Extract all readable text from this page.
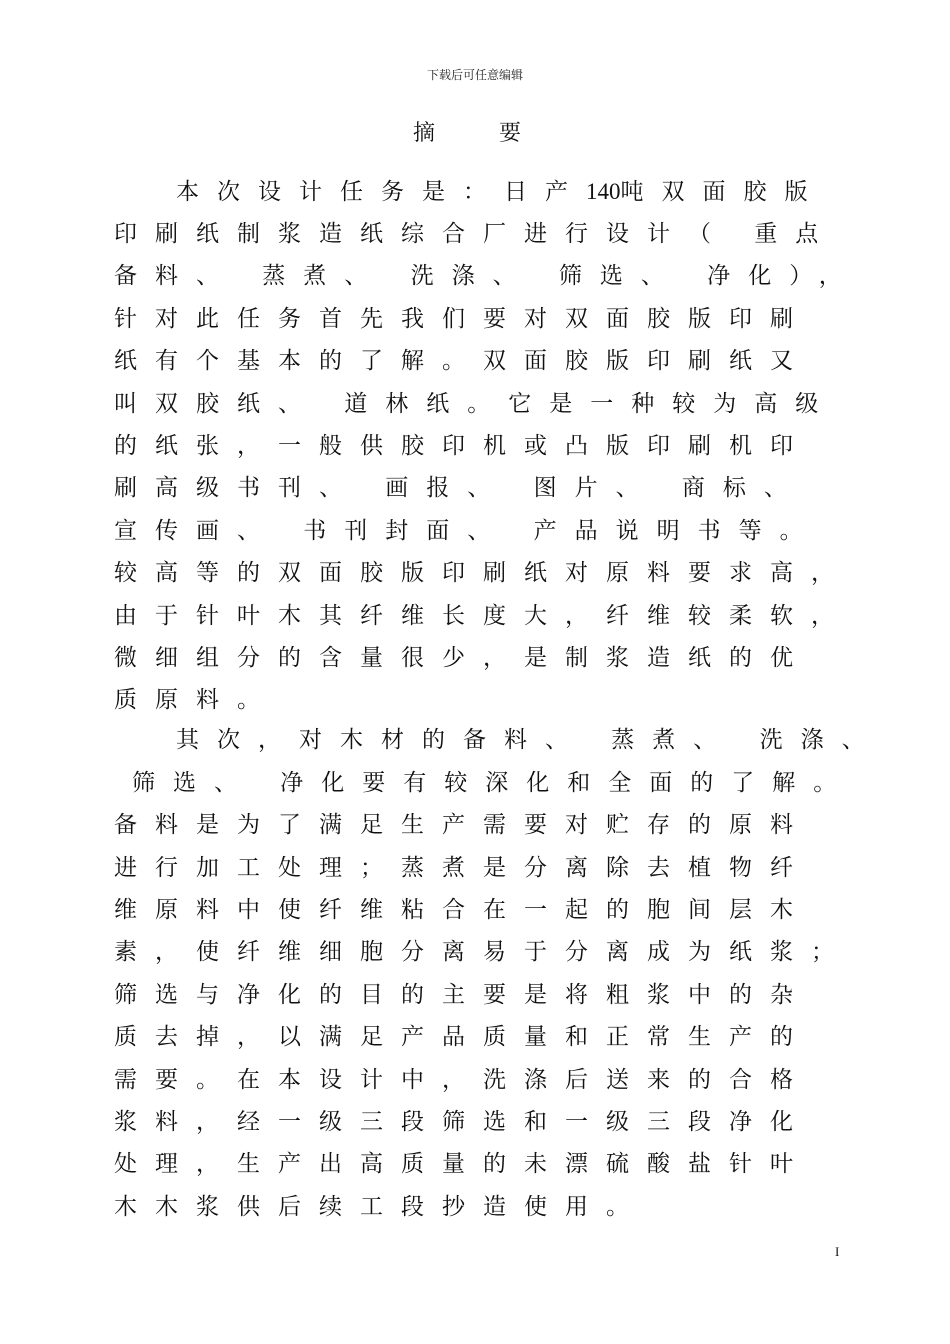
下载后可任意编辑
摘要
本次设计任务是：日产140吨双面胶版
印刷纸制浆造纸综合厂进行设计（ 重点
备料、 蒸煮、 洗涤、 筛选、 净化），
针对此任务首先我们要对双面胶版印刷
纸有个基本的了解。双面胶版印刷纸又
叫双胶纸、 道林纸。它是一种较为高级
的纸张，一般供胶印机或凸版印刷机印
刷高级书刊、 画报、 图片、 商标、
宣传画、 书刊封面、 产品说明书等。
较高等的双面胶版印刷纸对原料要求高，
由于针叶木其纤维长度大，纤维较柔软，
微细组分的含量很少，是制浆造纸的优
质原料。
其次，对木材的备料、 蒸煮、 洗涤、
筛选、 净化要有较深化和全面的了解。
备料是为了满足生产需要对贮存的原料
进行加工处理；蒸煮是分离除去植物纤
维原料中使纤维粘合在一起的胞间层木
素，使纤维细胞分离易于分离成为纸浆；
筛选与净化的目的主要是将粗浆中的杂
质去掉，以满足产品质量和正常生产的
需要。在本设计中，洗涤后送来的合格
浆料，经一级三段筛选和一级三段净化
处理，生产出高质量的未漂硫酸盐针叶
木木浆供后续工段抄造使用。
I
